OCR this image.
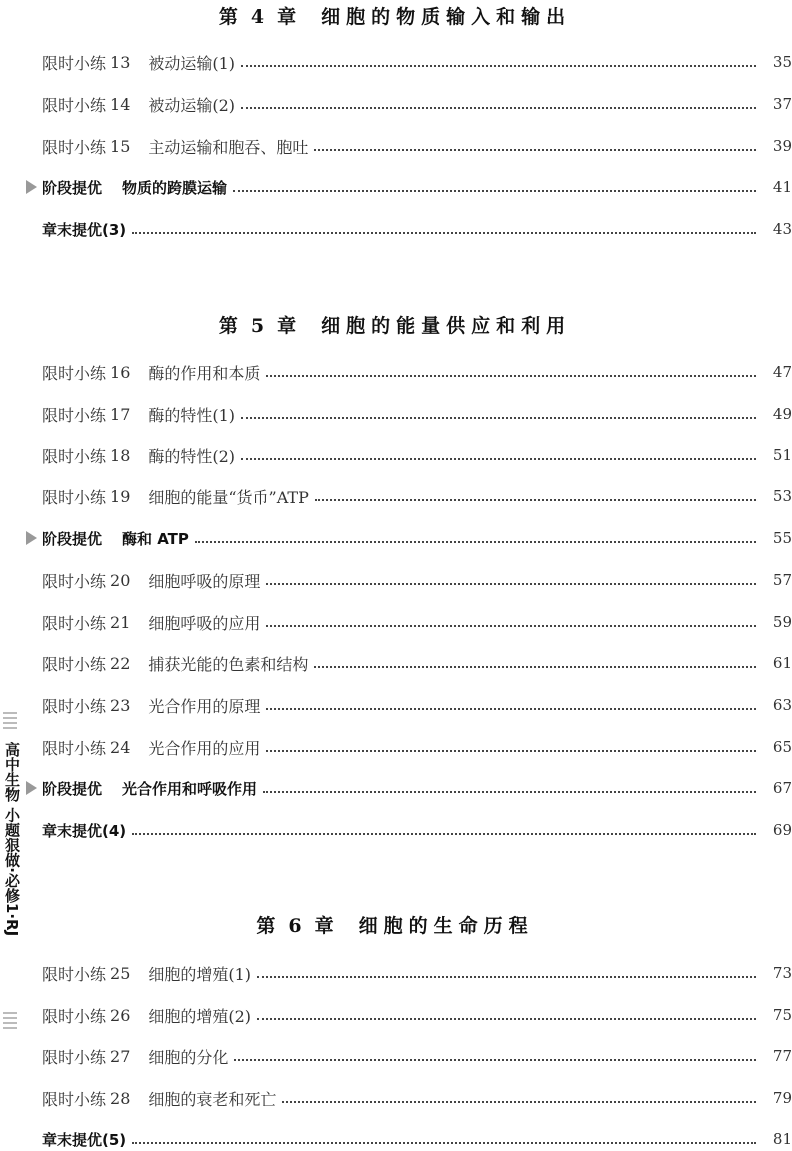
第 4 章 细胞的物质输入和输出
限时小练 13 被动运输(1)	35
限时小练 14 被动运输(2)	37
限时小练 15 主动运输和胞吞、胞吐	39
阶段提优 物质的跨膜运输	41
章末提优(3)	43
第 5 章 细胞的能量供应和利用
限时小练 16 酶的作用和本质	47
限时小练 17 酶的特性(1)	49
限时小练 18 酶的特性(2)	51
限时小练 19 细胞的能量“货币”ATP	53
阶段提优 酶和 ATP	55
限时小练 20 细胞呼吸的原理	57
限时小练 21 细胞呼吸的应用	59
限时小练 22 捕获光能的色素和结构	61
限时小练 23 光合作用的原理	63
限时小练 24 光合作用的应用	65
阶段提优 光合作用和呼吸作用	67
章末提优(4)	69
第 6 章 细胞的生命历程
限时小练 25 细胞的增殖(1)	73
限时小练 26 细胞的增殖(2)	75
限时小练 27 细胞的分化	77
限时小练 28 细胞的衰老和死亡	79
章末提优(5)	81
高中生物 小题狠做·必修1·RJ
